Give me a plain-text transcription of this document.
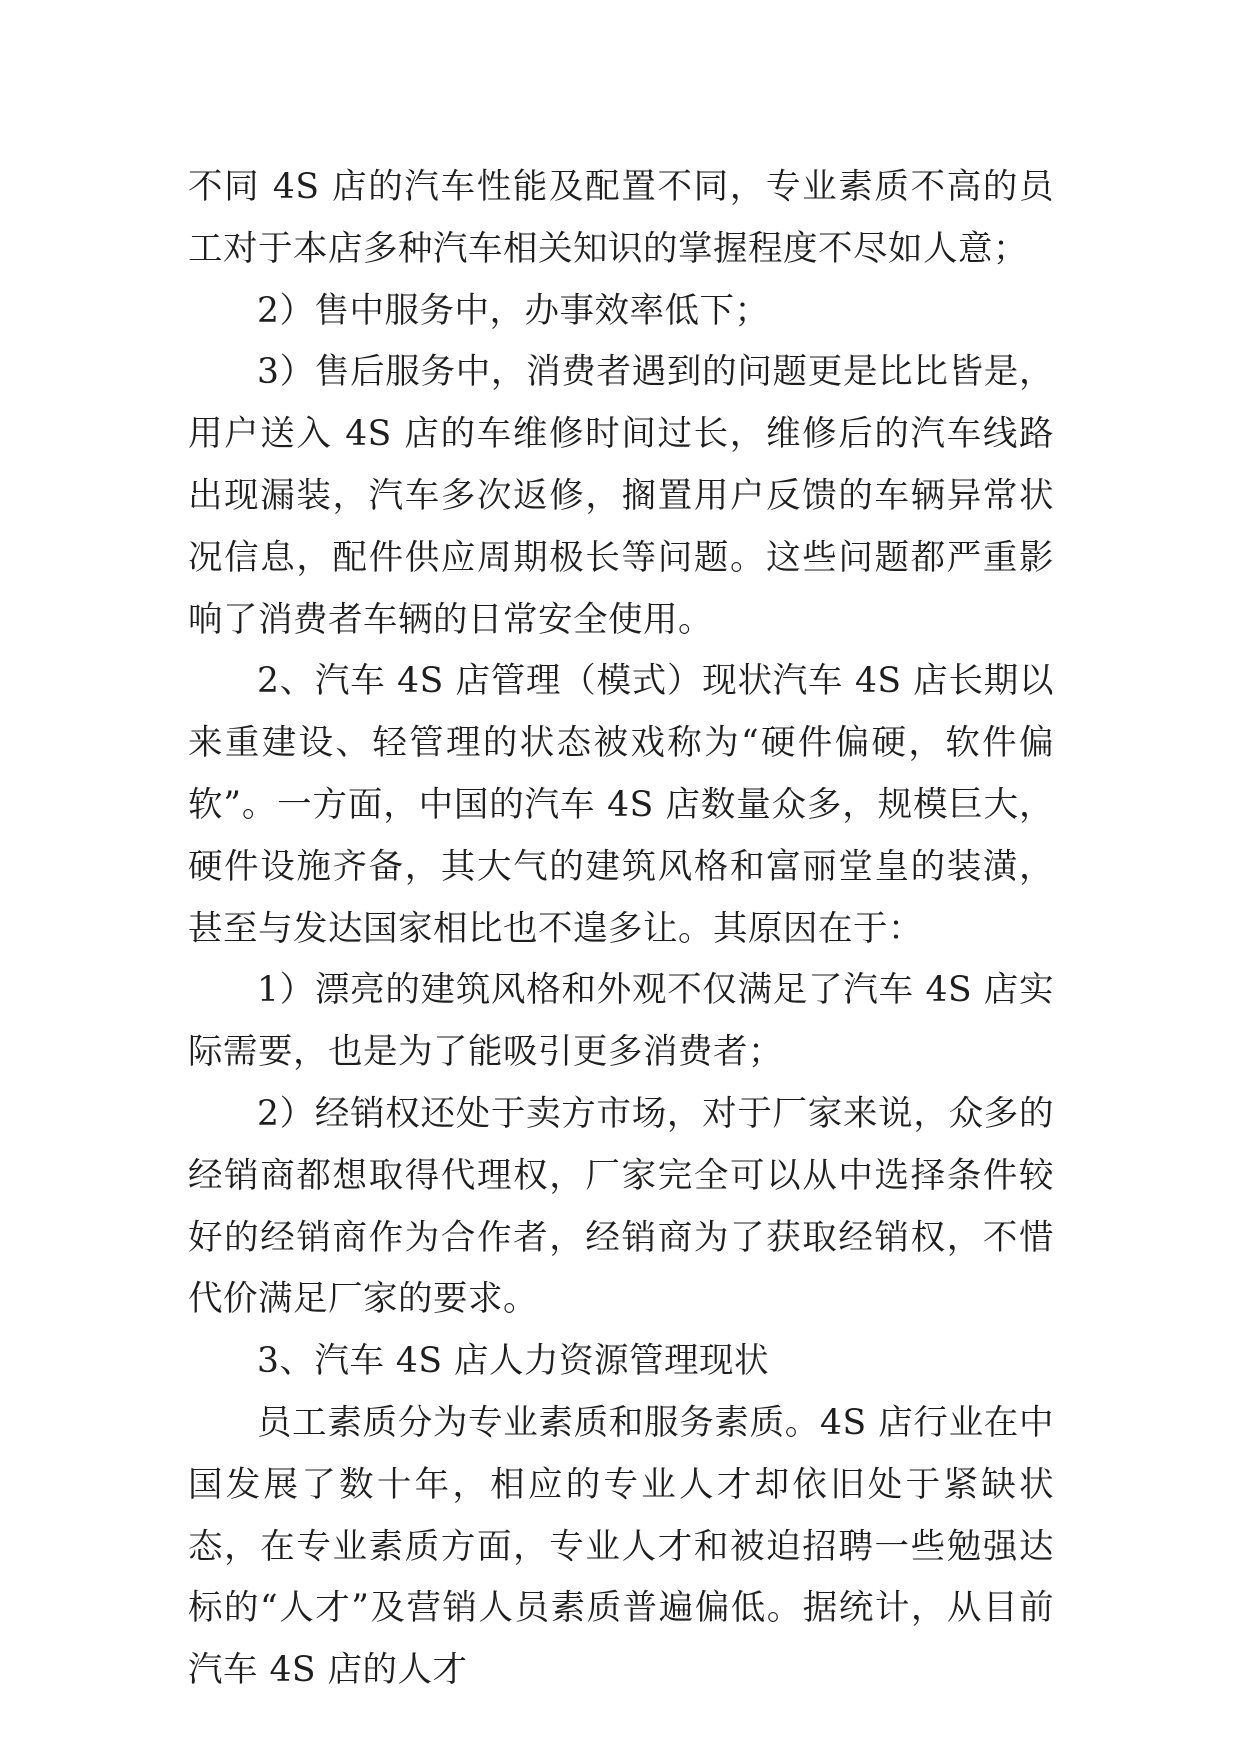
不同 4S 店的汽车性能及配置不同，专业素质不高的员工对于本店多种汽车相关知识的掌握程度不尽如人意；

2）售中服务中，办事效率低下；

3）售后服务中，消费者遇到的问题更是比比皆是，用户送入 4S 店的车维修时间过长，维修后的汽车线路出现漏装，汽车多次返修，搁置用户反馈的车辆异常状况信息，配件供应周期极长等问题。这些问题都严重影响了消费者车辆的日常安全使用。

2、汽车 4S 店管理（模式）现状汽车 4S 店长期以来重建设、轻管理的状态被戏称为“硬件偏硬，软件偏软”。一方面，中国的汽车 4S 店数量众多，规模巨大，硬件设施齐备，其大气的建筑风格和富丽堂皇的装潢，甚至与发达国家相比也不遑多让。其原因在于：

1）漂亮的建筑风格和外观不仅满足了汽车 4S 店实际需要，也是为了能吸引更多消费者；

2）经销权还处于卖方市场，对于厂家来说，众多的经销商都想取得代理权，厂家完全可以从中选择条件较好的经销商作为合作者，经销商为了获取经销权，不惜代价满足厂家的要求。

3、汽车 4S 店人力资源管理现状

员工素质分为专业素质和服务素质。4S 店行业在中国发展了数十年，相应的专业人才却依旧处于紧缺状态，在专业素质方面，专业人才和被迫招聘一些勉强达标的“人才”及营销人员素质普遍偏低。据统计，从目前汽车 4S 店的人才
